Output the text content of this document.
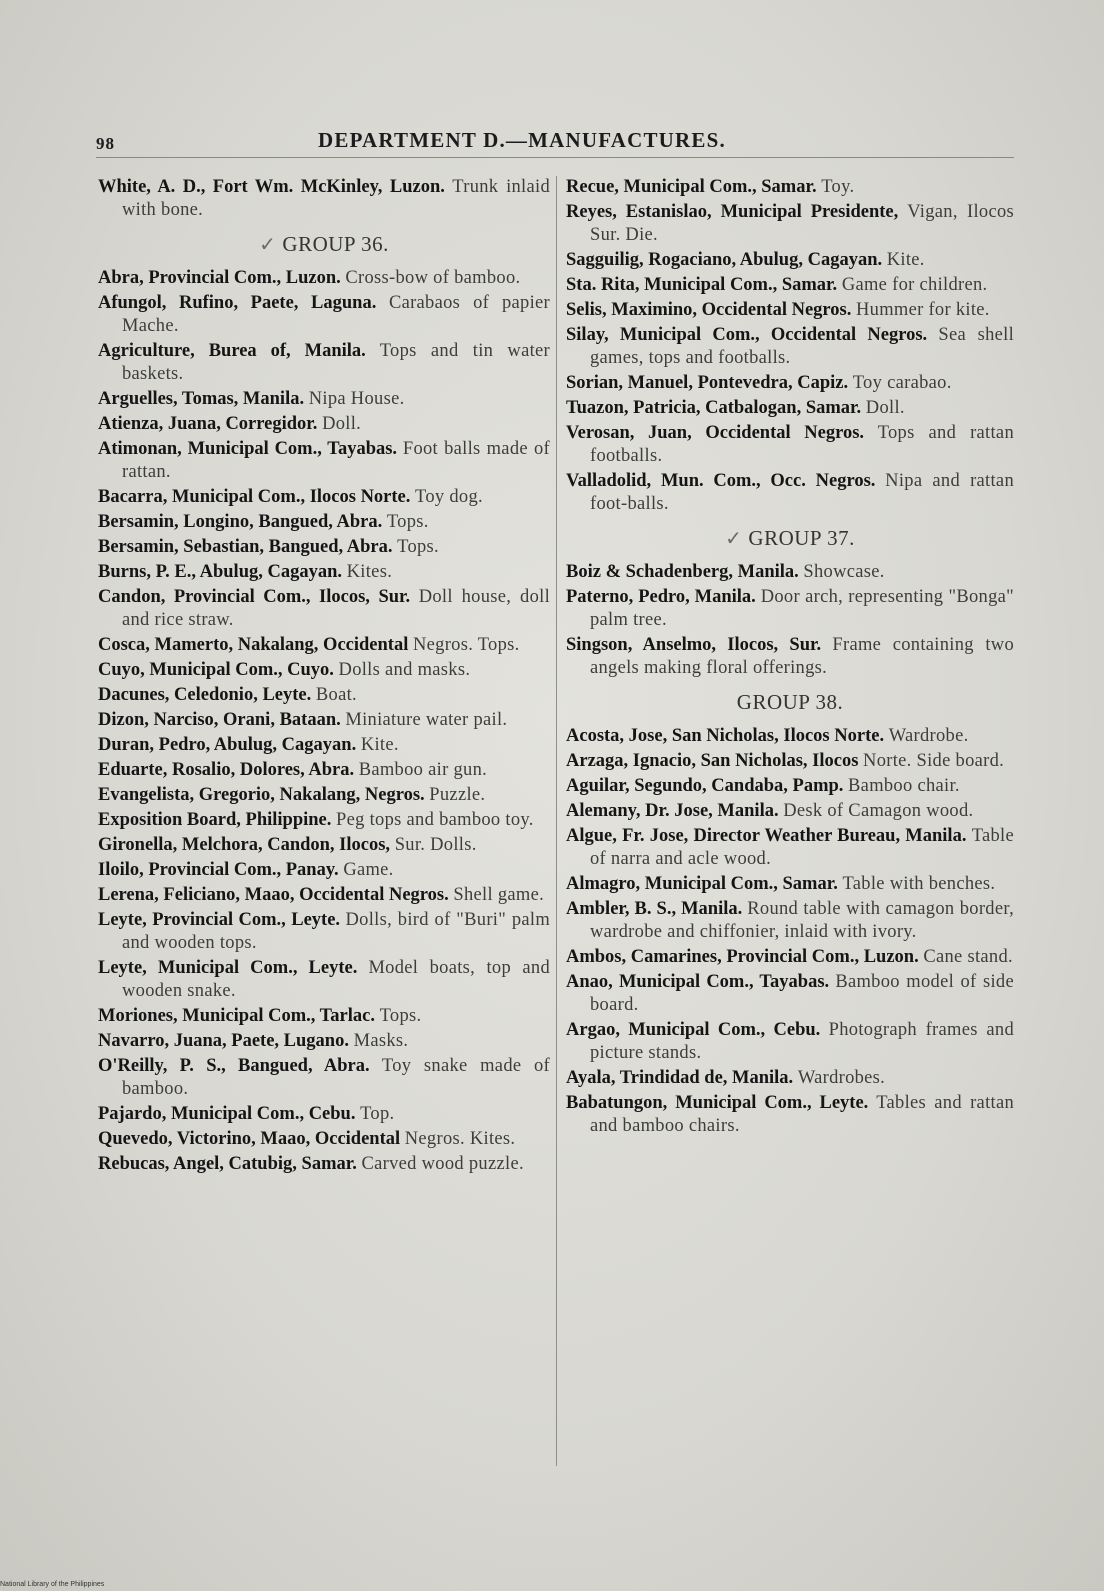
98	DEPARTMENT D.—MANUFACTURES.

White, A. D., Fort Wm. McKinley, Luzon. Trunk inlaid with bone.

✓ GROUP 36.

Abra, Provincial Com., Luzon. Cross-bow of bamboo.

Afungol, Rufino, Paete, Laguna. Carabaos of papier Mache.

Agriculture, Burea of, Manila. Tops and tin water baskets.

Arguelles, Tomas, Manila. Nipa House.

Atienza, Juana, Corregidor. Doll.

Atimonan, Municipal Com., Tayabas. Foot balls made of rattan.

Bacarra, Municipal Com., Ilocos Norte. Toy dog.

Bersamin, Longino, Bangued, Abra. Tops.

Bersamin, Sebastian, Bangued, Abra. Tops.

Burns, P. E., Abulug, Cagayan. Kites.

Candon, Provincial Com., Ilocos, Sur. Doll house, doll and rice straw.

Cosca, Mamerto, Nakalang, Occidental Negros. Tops.

Cuyo, Municipal Com., Cuyo. Dolls and masks.

Dacunes, Celedonio, Leyte. Boat.

Dizon, Narciso, Orani, Bataan. Miniature water pail.

Duran, Pedro, Abulug, Cagayan. Kite.

Eduarte, Rosalio, Dolores, Abra. Bamboo air gun.

Evangelista, Gregorio, Nakalang, Negros. Puzzle.

Exposition Board, Philippine. Peg tops and bamboo toy.

Gironella, Melchora, Candon, Ilocos, Sur. Dolls.

Iloilo, Provincial Com., Panay. Game.

Lerena, Feliciano, Maao, Occidental Negros. Shell game.

Leyte, Provincial Com., Leyte. Dolls, bird of "Buri" palm and wooden tops.

Leyte, Municipal Com., Leyte. Model boats, top and wooden snake.

Moriones, Municipal Com., Tarlac. Tops.

Navarro, Juana, Paete, Lugano. Masks.

O'Reilly, P. S., Bangued, Abra. Toy snake made of bamboo.

Pajardo, Municipal Com., Cebu. Top.

Quevedo, Victorino, Maao, Occidental Negros. Kites.

Rebucas, Angel, Catubig, Samar. Carved wood puzzle.

Recue, Municipal Com., Samar. Toy.

Reyes, Estanislao, Municipal Presidente, Vigan, Ilocos Sur. Die.

Sagguilig, Rogaciano, Abulug, Cagayan. Kite.

Sta. Rita, Municipal Com., Samar. Game for children.

Selis, Maximino, Occidental Negros. Hummer for kite.

Silay, Municipal Com., Occidental Negros. Sea shell games, tops and footballs.

Sorian, Manuel, Pontevedra, Capiz. Toy carabao.

Tuazon, Patricia, Catbalogan, Samar. Doll.

Verosan, Juan, Occidental Negros. Tops and rattan footballs.

Valladolid, Mun. Com., Occ. Negros. Nipa and rattan foot-balls.

✓ GROUP 37.

Boiz & Schadenberg, Manila. Showcase.

Paterno, Pedro, Manila. Door arch, representing "Bonga" palm tree.

Singson, Anselmo, Ilocos, Sur. Frame containing two angels making floral offerings.

GROUP 38.

Acosta, Jose, San Nicholas, Ilocos Norte. Wardrobe.

Arzaga, Ignacio, San Nicholas, Ilocos Norte. Side board.

Aguilar, Segundo, Candaba, Pamp. Bamboo chair.

Alemany, Dr. Jose, Manila. Desk of Camagon wood.

Algue, Fr. Jose, Director Weather Bureau, Manila. Table of narra and acle wood.

Almagro, Municipal Com., Samar. Table with benches.

Ambler, B. S., Manila. Round table with camagon border, wardrobe and chiffonier, inlaid with ivory.

Ambos, Camarines, Provincial Com., Luzon. Cane stand.

Anao, Municipal Com., Tayabas. Bamboo model of side board.

Argao, Municipal Com., Cebu. Photograph frames and picture stands.

Ayala, Trindidad de, Manila. Wardrobes.

Babatungon, Municipal Com., Leyte. Tables and rattan and bamboo chairs.

National Library of the Philippines
